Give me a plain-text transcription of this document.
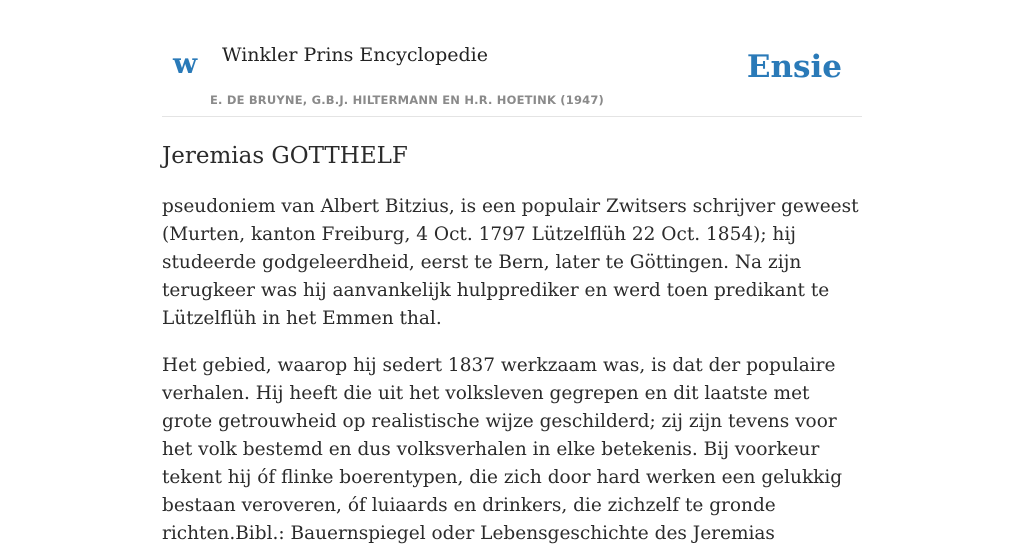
w Winkler Prins Encyclopedie
E. DE BRUYNE, G.B.J. HILTERMANN EN H.R. HOETINK (1947)
Ensie
Jeremias GOTTHELF

pseudoniem van Albert Bitzius, is een populair Zwitsers schrijver geweest (Murten, kanton Freiburg, 4 Oct. 1797 Lützelflüh 22 Oct. 1854); hij studeerde godgeleerdheid, eerst te Bern, later te Göttingen. Na zijn terugkeer was hij aanvankelijk hulpprediker en werd toen predikant te Lützelflüh in het Emmen thal.

Het gebied, waarop hij sedert 1837 werkzaam was, is dat der populaire verhalen. Hij heeft die uit het volksleven gegrepen en dit laatste met grote getrouwheid op realistische wijze geschilderd; zij zijn tevens voor het volk bestemd en dus volksverhalen in elke betekenis. Bij voorkeur tekent hij óf flinke boerentypen, die zich door hard werken een gelukkig bestaan veroveren, óf luiaards en drinkers, die zichzelf te gronde richten.Bibl.: Bauernspiegel oder Lebensgeschichte des Jeremias
